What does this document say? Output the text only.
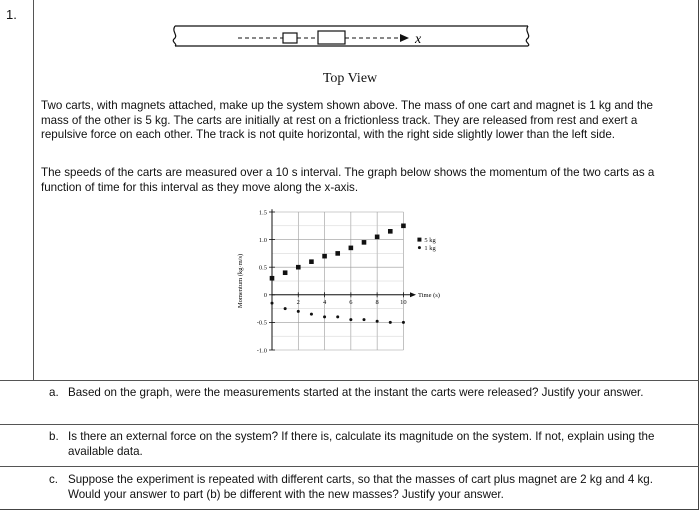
1.
x
Top View
Two carts, with magnets attached, make up the system shown above. The mass of one cart and magnet is 1 kg and the mass of the other is 5 kg. The carts are initially at rest on a frictionless track. They are released from rest and exert a repulsive force on each other. The track is not quite horizontal, with the right side slightly lower than the left side.
The speeds of the carts are measured over a 10 s interval. The graph below shows the momentum of the two carts as a function of time for this interval as they move along the x-axis.
1.5
1.0
0.5
0
-0.5
-1.0
2	4	6	8	10
5 kg
1 kg
Momentum (kg·m/s)	Time (s)
a. Based on the graph, were the measurements started at the instant the carts were released? Justify your answer.
b. Is there an external force on the system? If there is, calculate its magnitude on the system. If not, explain using the available data.
c. Suppose the experiment is repeated with different carts, so that the masses of cart plus magnet are 2 kg and 4 kg. Would your answer to part (b) be different with the new masses? Justify your answer.
